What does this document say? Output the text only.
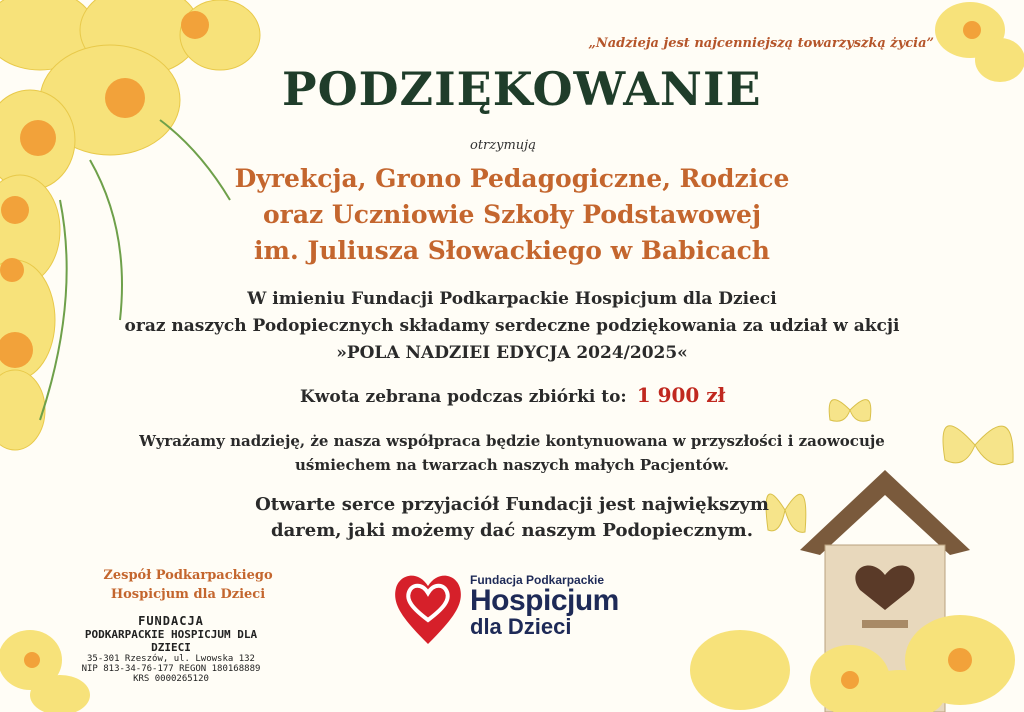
„Nadzieja jest najcenniejszą towarzyszką życia”
PODZIĘKOWANIE
otrzymują
Dyrekcja, Grono Pedagogiczne, Rodzice
oraz Uczniowie Szkoły Podstawowej
im. Juliusza Słowackiego w Babicach
W imieniu Fundacji Podkarpackie Hospicjum dla Dzieci
oraz naszych Podopiecznych składamy serdeczne podziękowania za udział w akcji
»POLA NADZIEI EDYCJA 2024/2025«
Kwota zebrana podczas zbiórki to: 1 900 zł
Wyrażamy nadzieję, że nasza współpraca będzie kontynuowana w przyszłości i zaowocuje
uśmiechem na twarzach naszych małych Pacjentów.
Otwarte serce przyjaciół Fundacji jest największym
darem, jaki możemy dać naszym Podopiecznym.
Zespół Podkarpackiego
Hospicjum dla Dzieci
FUNDACJA
PODKARPACKIE HOSPICJUM DLA DZIECI
35-301 Rzeszów, ul. Lwowska 132
NIP 813-34-76-177 REGON 180168889
KRS 0000265120
Fundacja Podkarpackie
Hospicjum
dla Dzieci
